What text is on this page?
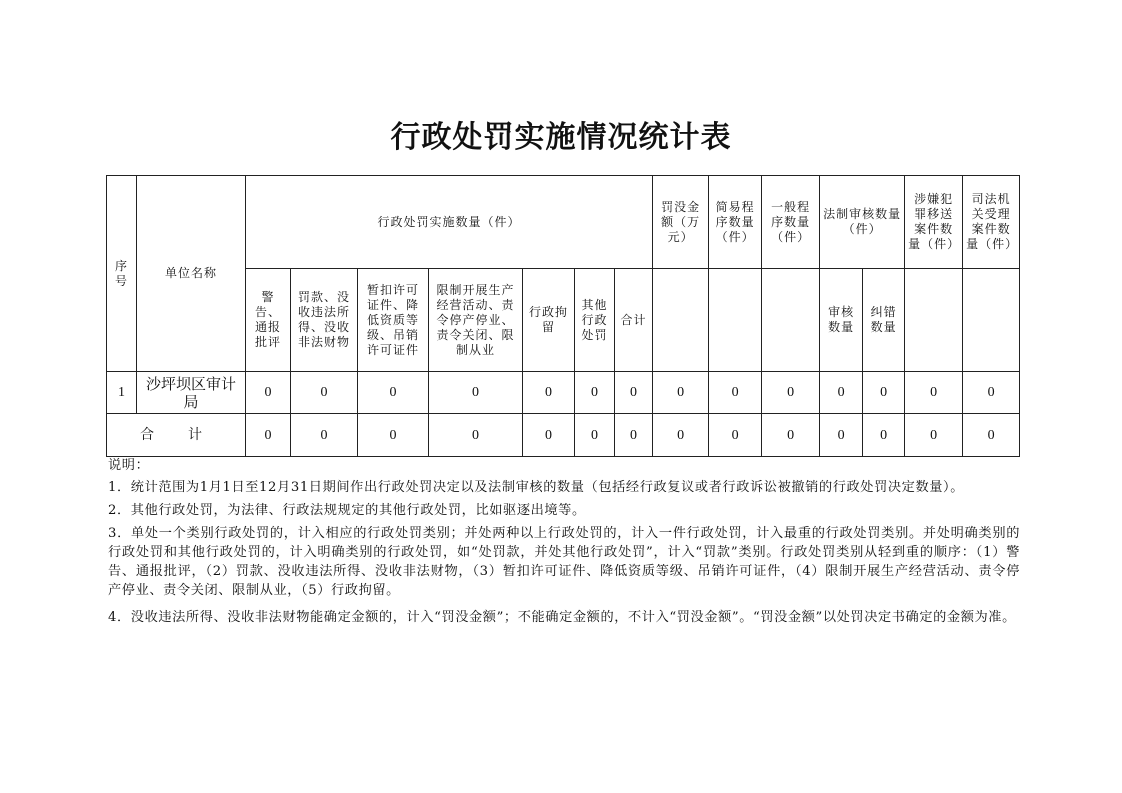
行政处罚实施情况统计表
序号	单位名称	行政处罚实施数量（件）							罚没金额（万元）	简易程序数量（件）	一般程序数量（件）	法制审核数量（件）		涉嫌犯罪移送案件数量（件）	司法机关受理案件数量（件）
		警告、通报批评	罚款、没收违法所得、没收非法财物	暂扣许可证件、降低资质等级、吊销许可证件	限制开展生产经营活动、责令停产停业、责令关闭、限制从业	行政拘留	其他行政处罚	合计				审核数量	纠错数量		
1	沙坪坝区审计局	0	0	0	0	0	0	0	0	0	0	0	0	0	0
合　计		0	0	0	0	0	0	0	0	0	0	0	0	0	0

说明：

1．统计范围为1月1日至12月31日期间作出行政处罚决定以及法制审核的数量（包括经行政复议或者行政诉讼被撤销的行政处罚决定数量）。

2．其他行政处罚，为法律、行政法规规定的其他行政处罚，比如驱逐出境等。

3．单处一个类别行政处罚的，计入相应的行政处罚类别；并处两种以上行政处罚的，计入一件行政处罚，计入最重的行政处罚类别。并处明确类别的行政处罚和其他行政处罚的，计入明确类别的行政处罚，如“处罚款，并处其他行政处罚”，计入“罚款”类别。行政处罚类别从轻到重的顺序：（1）警告、通报批评，（2）罚款、没收违法所得、没收非法财物，（3）暂扣许可证件、降低资质等级、吊销许可证件，（4）限制开展生产经营活动、责令停产停业、责令关闭、限制从业，（5）行政拘留。

4．没收违法所得、没收非法财物能确定金额的，计入“罚没金额”；不能确定金额的，不计入“罚没金额”。“罚没金额”以处罚决定书确定的金额为准。
